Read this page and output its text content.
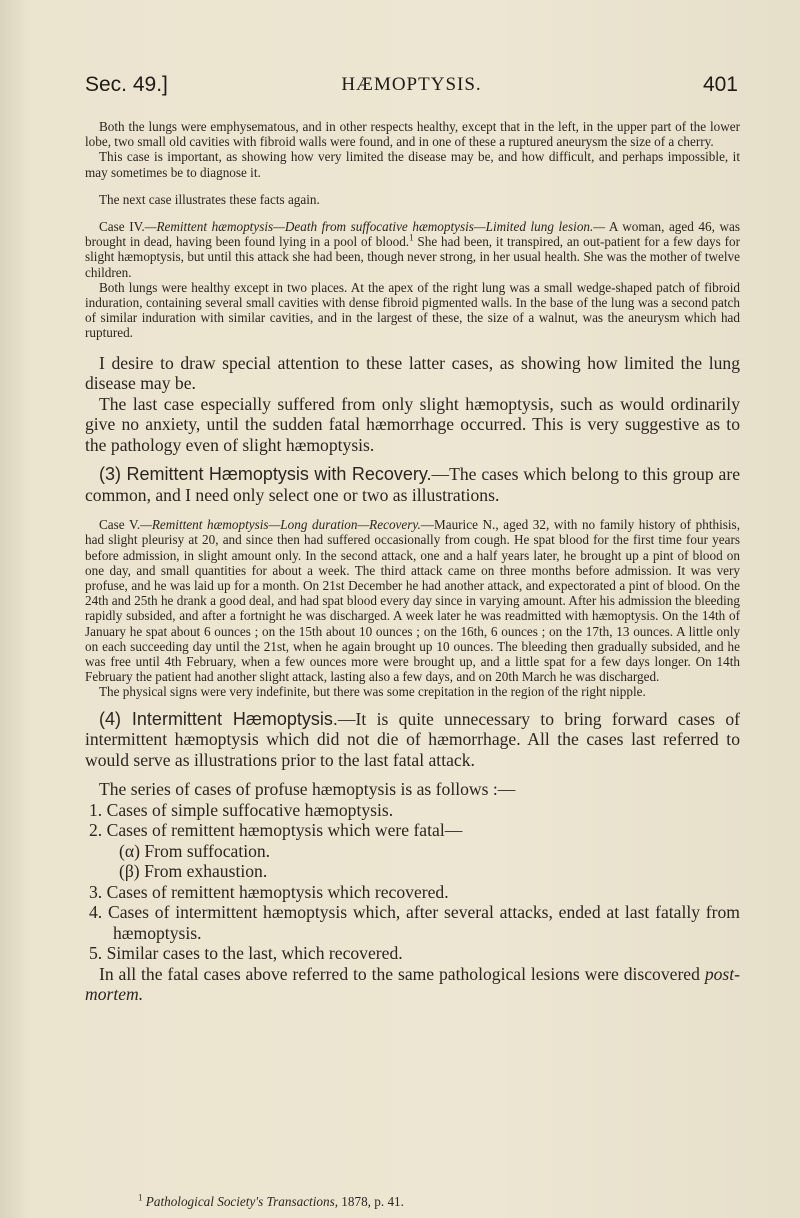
Sec. 49.]	HÆMOPTYSIS.	401

Both the lungs were emphysematous, and in other respects healthy, except that in the left, in the upper part of the lower lobe, two small old cavities with fibroid walls were found, and in one of these a ruptured aneurysm the size of a cherry.

This case is important, as showing how very limited the disease may be, and how difficult, and perhaps impossible, it may sometimes be to diagnose it.

The next case illustrates these facts again.

Case IV.—Remittent hæmoptysis—Death from suffocative hæmoptysis—Limited lung lesion.— A woman, aged 46, was brought in dead, having been found lying in a pool of blood.$^1$ She had been, it transpired, an out-patient for a few days for slight hæmoptysis, but until this attack she had been, though never strong, in her usual health. She was the mother of twelve children.

Both lungs were healthy except in two places. At the apex of the right lung was a small wedge-shaped patch of fibroid induration, containing several small cavities with dense fibroid pigmented walls. In the base of the lung was a second patch of similar induration with similar cavities, and in the largest of these, the size of a walnut, was the aneurysm which had ruptured.

I desire to draw special attention to these latter cases, as showing how limited the lung disease may be.

The last case especially suffered from only slight hæmoptysis, such as would ordinarily give no anxiety, until the sudden fatal hæmorrhage occurred. This is very suggestive as to the pathology even of slight hæmoptysis.

(3) Remittent Hæmoptysis with Recovery.—The cases which belong to this group are common, and I need only select one or two as illustrations.

Case V.—Remittent hæmoptysis—Long duration—Recovery.—Maurice N., aged 32, with no family history of phthisis, had slight pleurisy at 20, and since then had suffered occasionally from cough. He spat blood for the first time four years before admission, in slight amount only. In the second attack, one and a half years later, he brought up a pint of blood on one day, and small quantities for about a week. The third attack came on three months before admission. It was very profuse, and he was laid up for a month. On 21st December he had another attack, and expectorated a pint of blood. On the 24th and 25th he drank a good deal, and had spat blood every day since in varying amount. After his admission the bleeding rapidly subsided, and after a fortnight he was discharged. A week later he was readmitted with hæmoptysis. On the 14th of January he spat about 6 ounces ; on the 15th about 10 ounces ; on the 16th, 6 ounces ; on the 17th, 13 ounces. A little only on each succeeding day until the 21st, when he again brought up 10 ounces. The bleeding then gradually subsided, and he was free until 4th February, when a few ounces more were brought up, and a little spat for a few days longer. On 14th February the patient had another slight attack, lasting also a few days, and on 20th March he was discharged.

The physical signs were very indefinite, but there was some crepitation in the region of the right nipple.

(4) Intermittent Hæmoptysis.—It is quite unnecessary to bring forward cases of intermittent hæmoptysis which did not die of hæmorrhage. All the cases last referred to would serve as illustrations prior to the last fatal attack.

The series of cases of profuse hæmoptysis is as follows :—

1. Cases of simple suffocative hæmoptysis.

2. Cases of remittent hæmoptysis which were fatal—

(α) From suffocation.

(β) From exhaustion.

3. Cases of remittent hæmoptysis which recovered.

4. Cases of intermittent hæmoptysis which, after several attacks, ended at last fatally from hæmoptysis.

5. Similar cases to the last, which recovered.

In all the fatal cases above referred to the same pathological lesions were discovered post-mortem.

$^1$ Pathological Society's Transactions, 1878, p. 41.
